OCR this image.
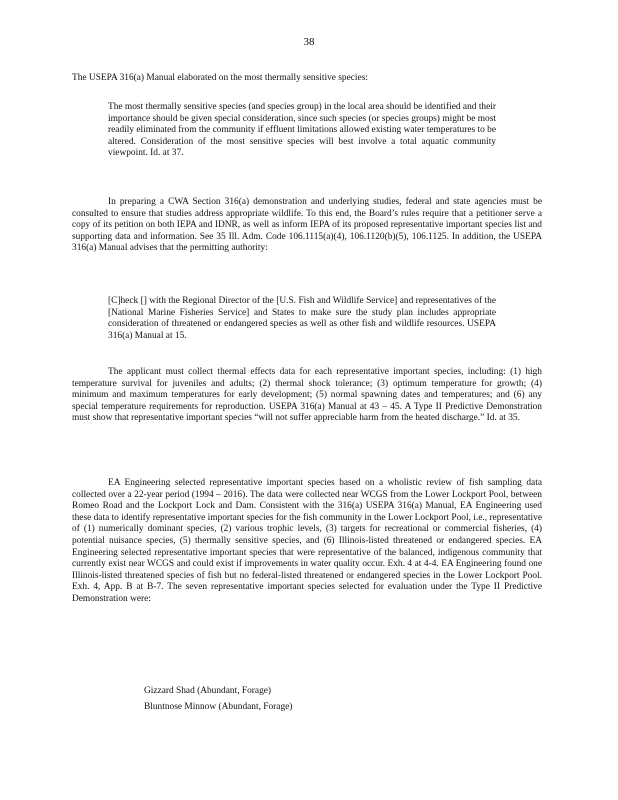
38

The USEPA 316(a) Manual elaborated on the most thermally sensitive species:

The most thermally sensitive species (and species group) in the local area should be identified and their importance should be given special consideration, since such species (or species groups) might be most readily eliminated from the community if effluent limitations allowed existing water temperatures to be altered. Consideration of the most sensitive species will best involve a total aquatic community viewpoint. Id. at 37.

In preparing a CWA Section 316(a) demonstration and underlying studies, federal and state agencies must be consulted to ensure that studies address appropriate wildlife. To this end, the Board’s rules require that a petitioner serve a copy of its petition on both IEPA and IDNR, as well as inform IEPA of its proposed representative important species list and supporting data and information. See 35 Ill. Adm. Code 106.1115(a)(4), 106.1120(b)(5), 106.1125. In addition, the USEPA 316(a) Manual advises that the permitting authority:

[C]heck [] with the Regional Director of the [U.S. Fish and Wildlife Service] and representatives of the [National Marine Fisheries Service] and States to make sure the study plan includes appropriate consideration of threatened or endangered species as well as other fish and wildlife resources. USEPA 316(a) Manual at 15.

The applicant must collect thermal effects data for each representative important species, including: (1) high temperature survival for juveniles and adults; (2) thermal shock tolerance; (3) optimum temperature for growth; (4) minimum and maximum temperatures for early development; (5) normal spawning dates and temperatures; and (6) any special temperature requirements for reproduction. USEPA 316(a) Manual at 43 – 45. A Type II Predictive Demonstration must show that representative important species “will not suffer appreciable harm from the heated discharge.” Id. at 35.

EA Engineering selected representative important species based on a wholistic review of fish sampling data collected over a 22-year period (1994 – 2016). The data were collected near WCGS from the Lower Lockport Pool, between Romeo Road and the Lockport Lock and Dam. Consistent with the 316(a) USEPA 316(a) Manual, EA Engineering used these data to identify representative important species for the fish community in the Lower Lockport Pool, i.e., representative of (1) numerically dominant species, (2) various trophic levels, (3) targets for recreational or commercial fisheries, (4) potential nuisance species, (5) thermally sensitive species, and (6) Illinois-listed threatened or endangered species. EA Engineering selected representative important species that were representative of the balanced, indigenous community that currently exist near WCGS and could exist if improvements in water quality occur. Exh. 4 at 4-4. EA Engineering found one Illinois-listed threatened species of fish but no federal-listed threatened or endangered species in the Lower Lockport Pool. Exh. 4, App. B at B-7. The seven representative important species selected for evaluation under the Type II Predictive Demonstration were:

Gizzard Shad (Abundant, Forage)
Bluntnose Minnow (Abundant, Forage)
